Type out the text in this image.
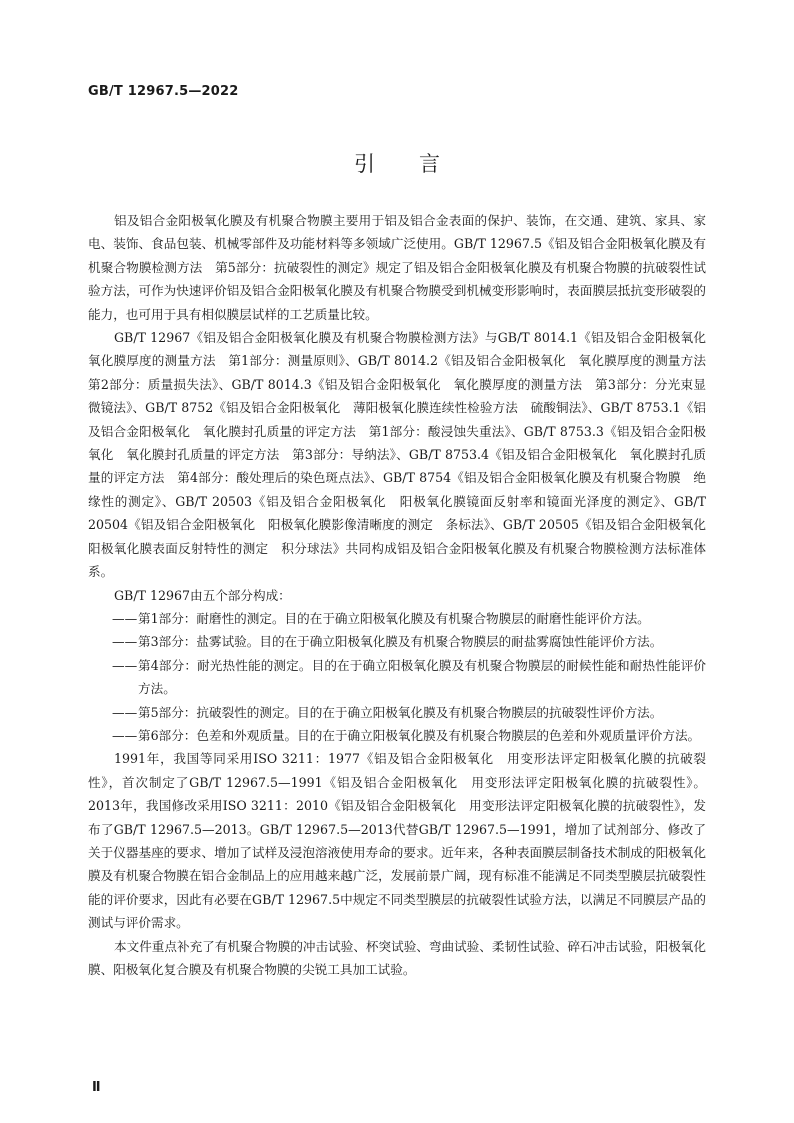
GB/T 12967.5—2022
引言

铝及铝合金阳极氧化膜及有机聚合物膜主要用于铝及铝合金表面的保护、装饰，在交通、建筑、家具、家电、装饰、食品包装、机械零部件及功能材料等多领域广泛使用。GB/T 12967.5《铝及铝合金阳极氧化膜及有机聚合物膜检测方法　第5部分：抗破裂性的测定》规定了铝及铝合金阳极氧化膜及有机聚合物膜的抗破裂性试验方法，可作为快速评价铝及铝合金阳极氧化膜及有机聚合物膜受到机械变形影响时，表面膜层抵抗变形破裂的能力，也可用于具有相似膜层试样的工艺质量比较。

GB/T 12967《铝及铝合金阳极氧化膜及有机聚合物膜检测方法》与GB/T 8014.1《铝及铝合金阳极氧化　氧化膜厚度的测量方法　第1部分：测量原则》、GB/T 8014.2《铝及铝合金阳极氧化　氧化膜厚度的测量方法　第2部分：质量损失法》、GB/T 8014.3《铝及铝合金阳极氧化　氧化膜厚度的测量方法　第3部分：分光束显微镜法》、GB/T 8752《铝及铝合金阳极氧化　薄阳极氧化膜连续性检验方法　硫酸铜法》、GB/T 8753.1《铝及铝合金阳极氧化　氧化膜封孔质量的评定方法　第1部分：酸浸蚀失重法》、GB/T 8753.3《铝及铝合金阳极氧化　氧化膜封孔质量的评定方法　第3部分：导纳法》、GB/T 8753.4《铝及铝合金阳极氧化　氧化膜封孔质量的评定方法　第4部分：酸处理后的染色斑点法》、GB/T 8754《铝及铝合金阳极氧化膜及有机聚合物膜　绝缘性的测定》、GB/T 20503《铝及铝合金阳极氧化　阳极氧化膜镜面反射率和镜面光泽度的测定》、GB/T 20504《铝及铝合金阳极氧化　阳极氧化膜影像清晰度的测定　条标法》、GB/T 20505《铝及铝合金阳极氧化　阳极氧化膜表面反射特性的测定　积分球法》共同构成铝及铝合金阳极氧化膜及有机聚合物膜检测方法标准体系。

GB/T 12967由五个部分构成：

—— 第1部分：耐磨性的测定。目的在于确立阳极氧化膜及有机聚合物膜层的耐磨性能评价方法。
—— 第3部分：盐雾试验。目的在于确立阳极氧化膜及有机聚合物膜层的耐盐雾腐蚀性能评价方法。
—— 第4部分：耐光热性能的测定。目的在于确立阳极氧化膜及有机聚合物膜层的耐候性能和耐热性能评价方法。
—— 第5部分：抗破裂性的测定。目的在于确立阳极氧化膜及有机聚合物膜层的抗破裂性评价方法。
—— 第6部分：色差和外观质量。目的在于确立阳极氧化膜及有机聚合物膜层的色差和外观质量评价方法。

1991年，我国等同采用ISO 3211：1977《铝及铝合金阳极氧化　用变形法评定阳极氧化膜的抗破裂性》，首次制定了GB/T 12967.5—1991《铝及铝合金阳极氧化　用变形法评定阳极氧化膜的抗破裂性》。2013年，我国修改采用ISO 3211：2010《铝及铝合金阳极氧化　用变形法评定阳极氧化膜的抗破裂性》，发布了GB/T 12967.5—2013。GB/T 12967.5—2013代替GB/T 12967.5—1991，增加了试剂部分、修改了关于仪器基座的要求、增加了试样及浸泡溶液使用寿命的要求。近年来，各种表面膜层制备技术制成的阳极氧化膜及有机聚合物膜在铝合金制品上的应用越来越广泛，发展前景广阔，现有标准不能满足不同类型膜层抗破裂性能的评价要求，因此有必要在GB/T 12967.5中规定不同类型膜层的抗破裂性试验方法，以满足不同膜层产品的测试与评价需求。

本文件重点补充了有机聚合物膜的冲击试验、杯突试验、弯曲试验、柔韧性试验、碎石冲击试验，阳极氧化膜、阳极氧化复合膜及有机聚合物膜的尖锐工具加工试验。

Ⅱ
